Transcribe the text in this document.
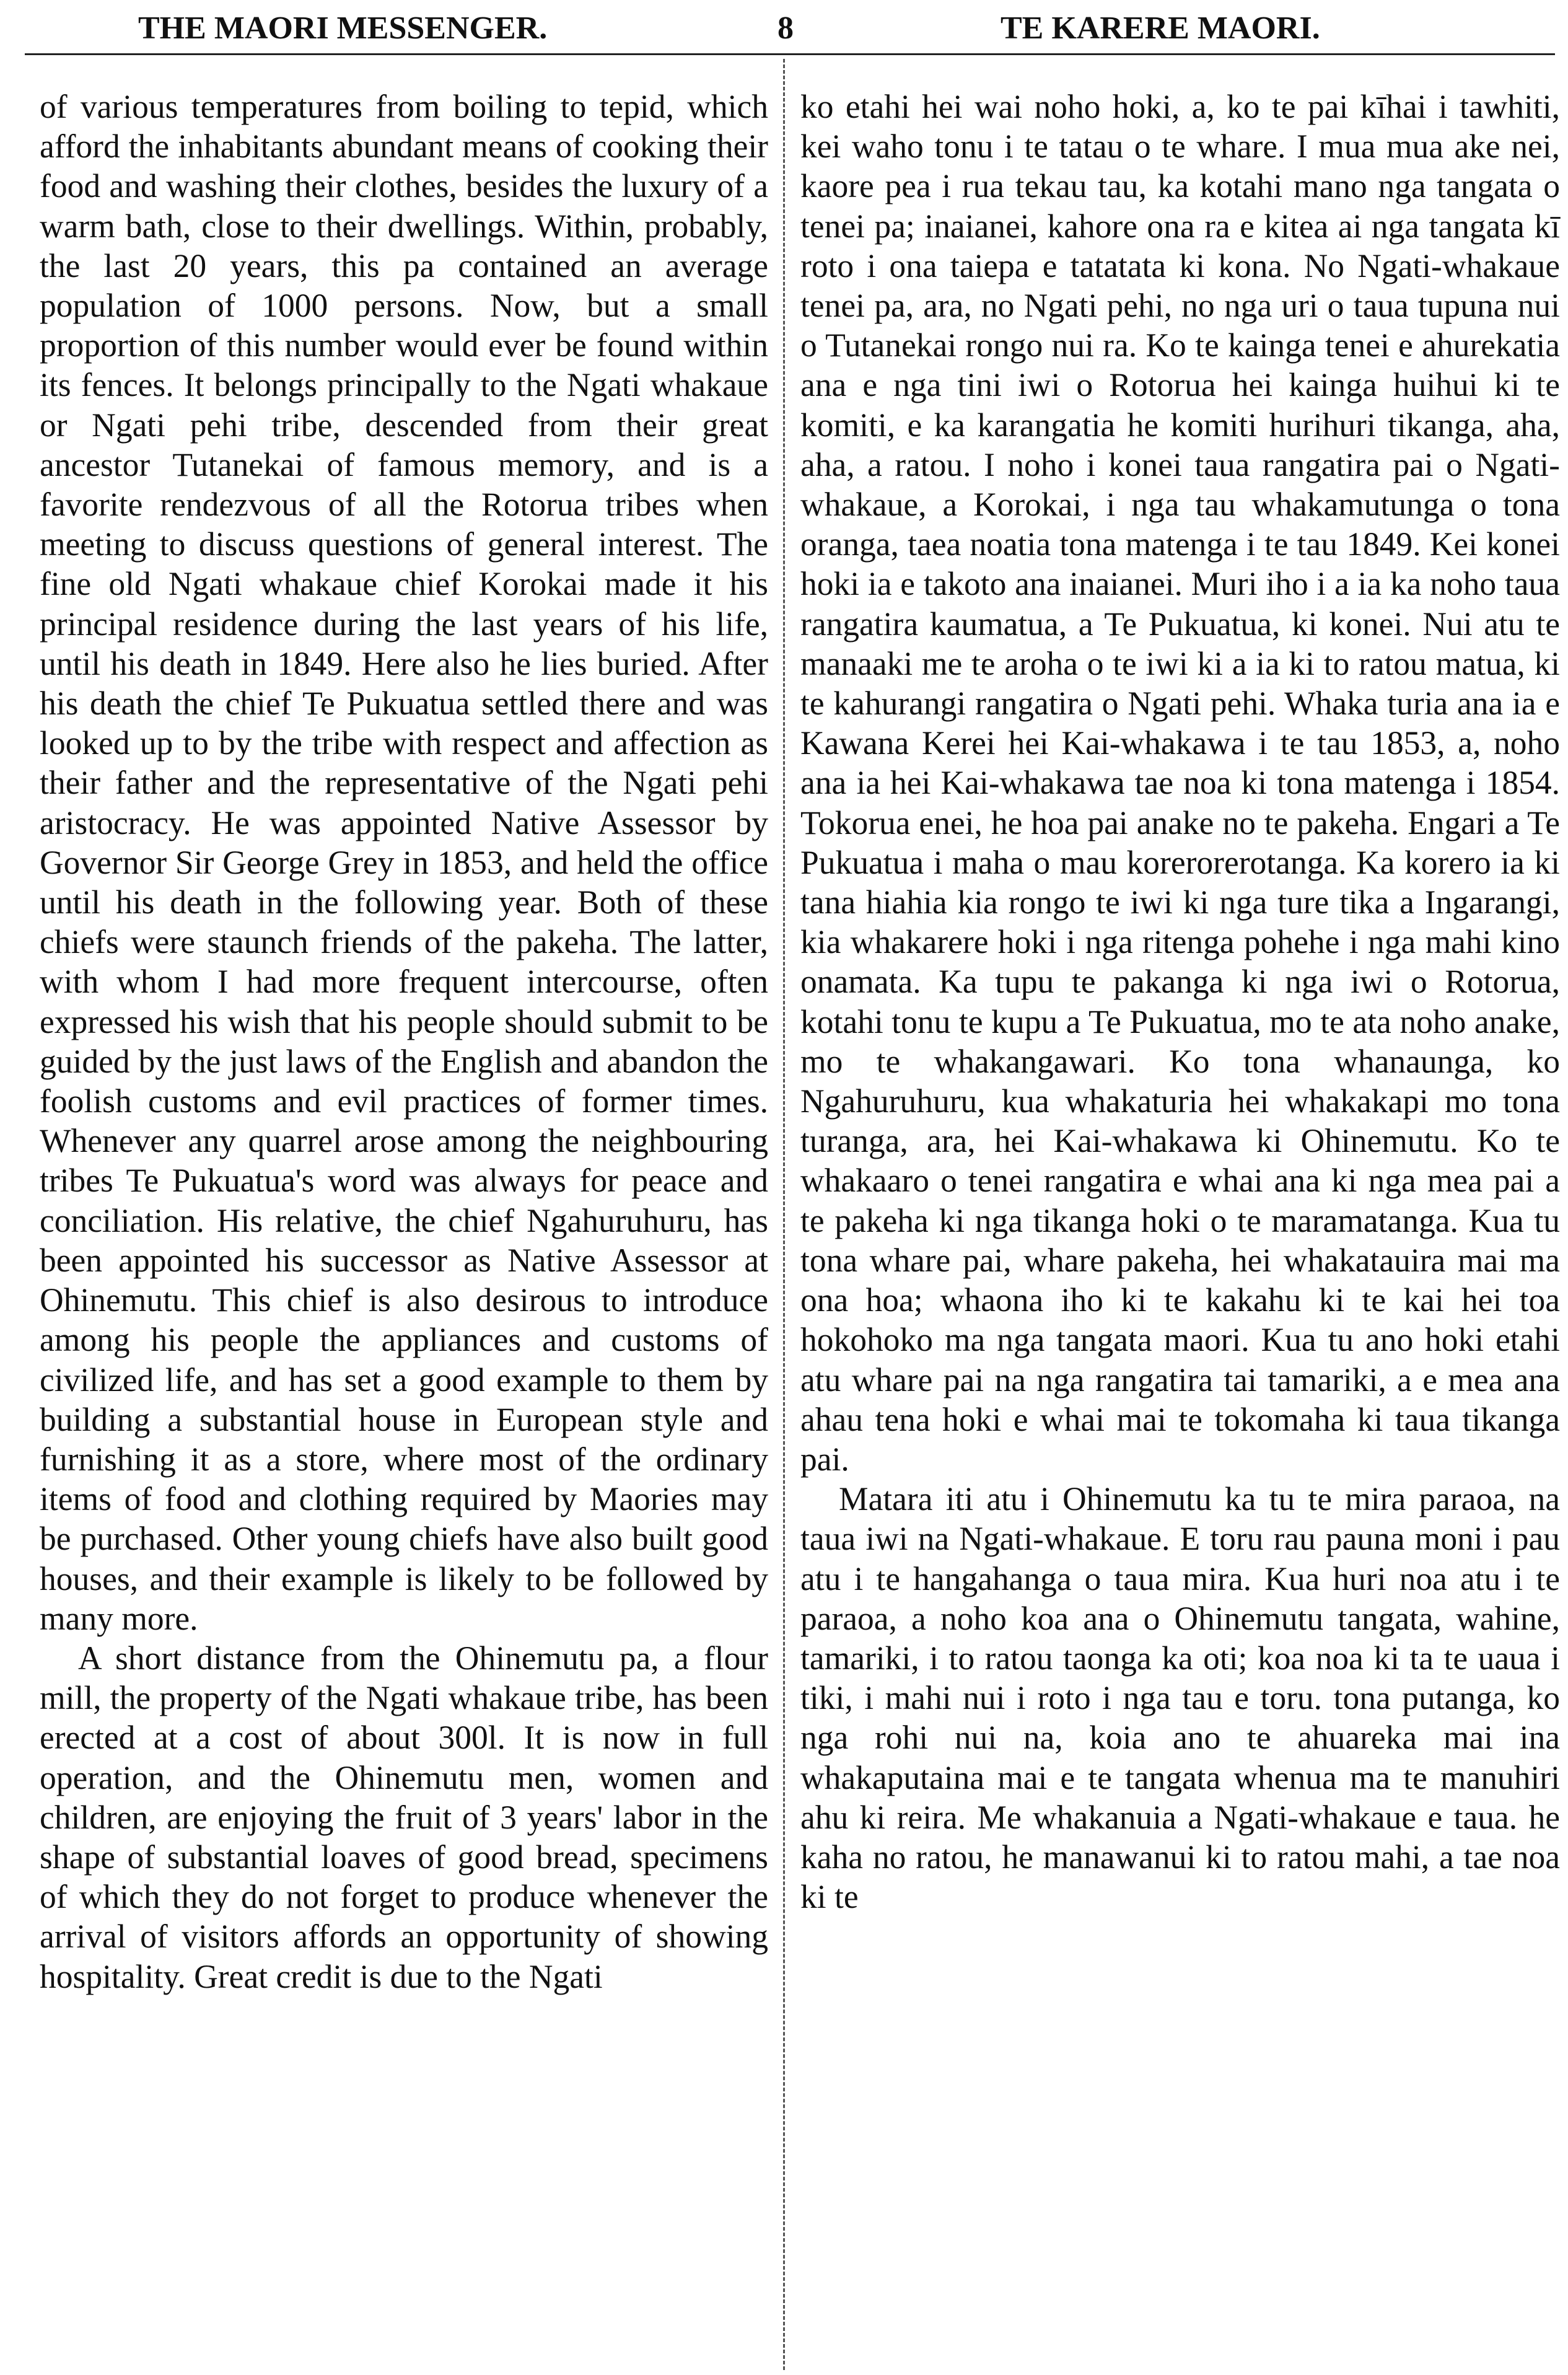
THE MAORI MESSENGER.	8	TE KARERE MAORI.

of various temperatures from boiling to tepid, which afford the inhabitants abundant means of cooking their food and washing their clothes, besides the luxury of a warm bath, close to their dwellings. Within, probably, the last 20 years, this pa contained an average population of 1000 persons. Now, but a small proportion of this number would ever be found within its fences. It belongs principally to the Ngati whakaue or Ngati pehi tribe, descended from their great ancestor Tutanekai of famous memory, and is a favorite rendezvous of all the Rotorua tribes when meeting to discuss questions of general interest. The fine old Ngati whakaue chief Korokai made it his principal residence during the last years of his life, until his death in 1849. Here also he lies buried. After his death the chief Te Pukuatua settled there and was looked up to by the tribe with respect and affection as their father and the representative of the Ngati pehi aristocracy. He was appointed Native Assessor by Governor Sir George Grey in 1853, and held the office until his death in the following year. Both of these chiefs were staunch friends of the pakeha. The latter, with whom I had more frequent intercourse, often expressed his wish that his people should submit to be guided by the just laws of the English and abandon the foolish customs and evil practices of former times. Whenever any quarrel arose among the neighbouring tribes Te Pukuatua's word was always for peace and conciliation. His relative, the chief Ngahuruhuru, has been appointed his successor as Native Assessor at Ohinemutu. This chief is also desirous to introduce among his people the appliances and customs of civilized life, and has set a good example to them by building a substantial house in European style and furnishing it as a store, where most of the ordinary items of food and clothing required by Maories may be purchased. Other young chiefs have also built good houses, and their example is likely to be followed by many more.

A short distance from the Ohinemutu pa, a flour mill, the property of the Ngati whakaue tribe, has been erected at a cost of about 300l. It is now in full operation, and the Ohinemutu men, women and children, are enjoying the fruit of 3 years' labor in the shape of substantial loaves of good bread, specimens of which they do not forget to produce whenever the arrival of visitors affords an opportunity of showing hospitality. Great credit is due to the Ngati

ko etahi hei wai noho hoki, a, ko te pai kīhai i tawhiti, kei waho tonu i te tatau o te whare. I mua mua ake nei, kaore pea i rua tekau tau, ka kotahi mano nga tangata o tenei pa; inaianei, kahore ona ra e kitea ai nga tangata kī roto i ona taiepa e tatatata ki kona. No Ngati-whakaue tenei pa, ara, no Ngati pehi, no nga uri o taua tupuna nui o Tutanekai rongo nui ra. Ko te kainga tenei e ahurekatia ana e nga tini iwi o Rotorua hei kainga huihui ki te komiti, e ka karangatia he komiti hurihuri tikanga, aha, aha, a ratou. I noho i konei taua rangatira pai o Ngati-whakaue, a Korokai, i nga tau whakamutunga o tona oranga, taea noatia tona matenga i te tau 1849. Kei konei hoki ia e takoto ana inaianei. Muri iho i a ia ka noho taua rangatira kaumatua, a Te Pukuatua, ki konei. Nui atu te manaaki me te aroha o te iwi ki a ia ki to ratou matua, ki te kahurangi rangatira o Ngati pehi. Whaka turia ana ia e Kawana Kerei hei Kai-whakawa i te tau 1853, a, noho ana ia hei Kai-whakawa tae noa ki tona matenga i 1854. Tokorua enei, he hoa pai anake no te pakeha. Engari a Te Pukuatua i maha o mau korerorerotanga. Ka korero ia ki tana hiahia kia rongo te iwi ki nga ture tika a Ingarangi, kia whakarere hoki i nga ritenga pohehe i nga mahi kino onamata. Ka tupu te pakanga ki nga iwi o Rotorua, kotahi tonu te kupu a Te Pukuatua, mo te ata noho anake, mo te whakangawari. Ko tona whanaunga, ko Ngahuruhuru, kua whakaturia hei whakakapi mo tona turanga, ara, hei Kai-whakawa ki Ohinemutu. Ko te whakaaro o tenei rangatira e whai ana ki nga mea pai a te pakeha ki nga tikanga hoki o te maramatanga. Kua tu tona whare pai, whare pakeha, hei whakatauira mai ma ona hoa; whaona iho ki te kakahu ki te kai hei toa hokohoko ma nga tangata maori. Kua tu ano hoki etahi atu whare pai na nga rangatira tai tamariki, a e mea ana ahau tena hoki e whai mai te tokomaha ki taua tikanga pai.

Matara iti atu i Ohinemutu ka tu te mira paraoa, na taua iwi na Ngati-whakaue. E toru rau pauna moni i pau atu i te hangahanga o taua mira. Kua huri noa atu i te paraoa, a noho koa ana o Ohinemutu tangata, wahine, tamariki, i to ratou taonga ka oti; koa noa ki ta te uaua i tiki, i mahi nui i roto i nga tau e toru. tona putanga, ko nga rohi nui na, koia ano te ahuareka mai ina whakaputaina mai e te tangata whenua ma te manuhiri ahu ki reira. Me whakanuia a Ngati-whakaue e taua. he kaha no ratou, he manawanui ki to ratou mahi, a tae noa ki te
